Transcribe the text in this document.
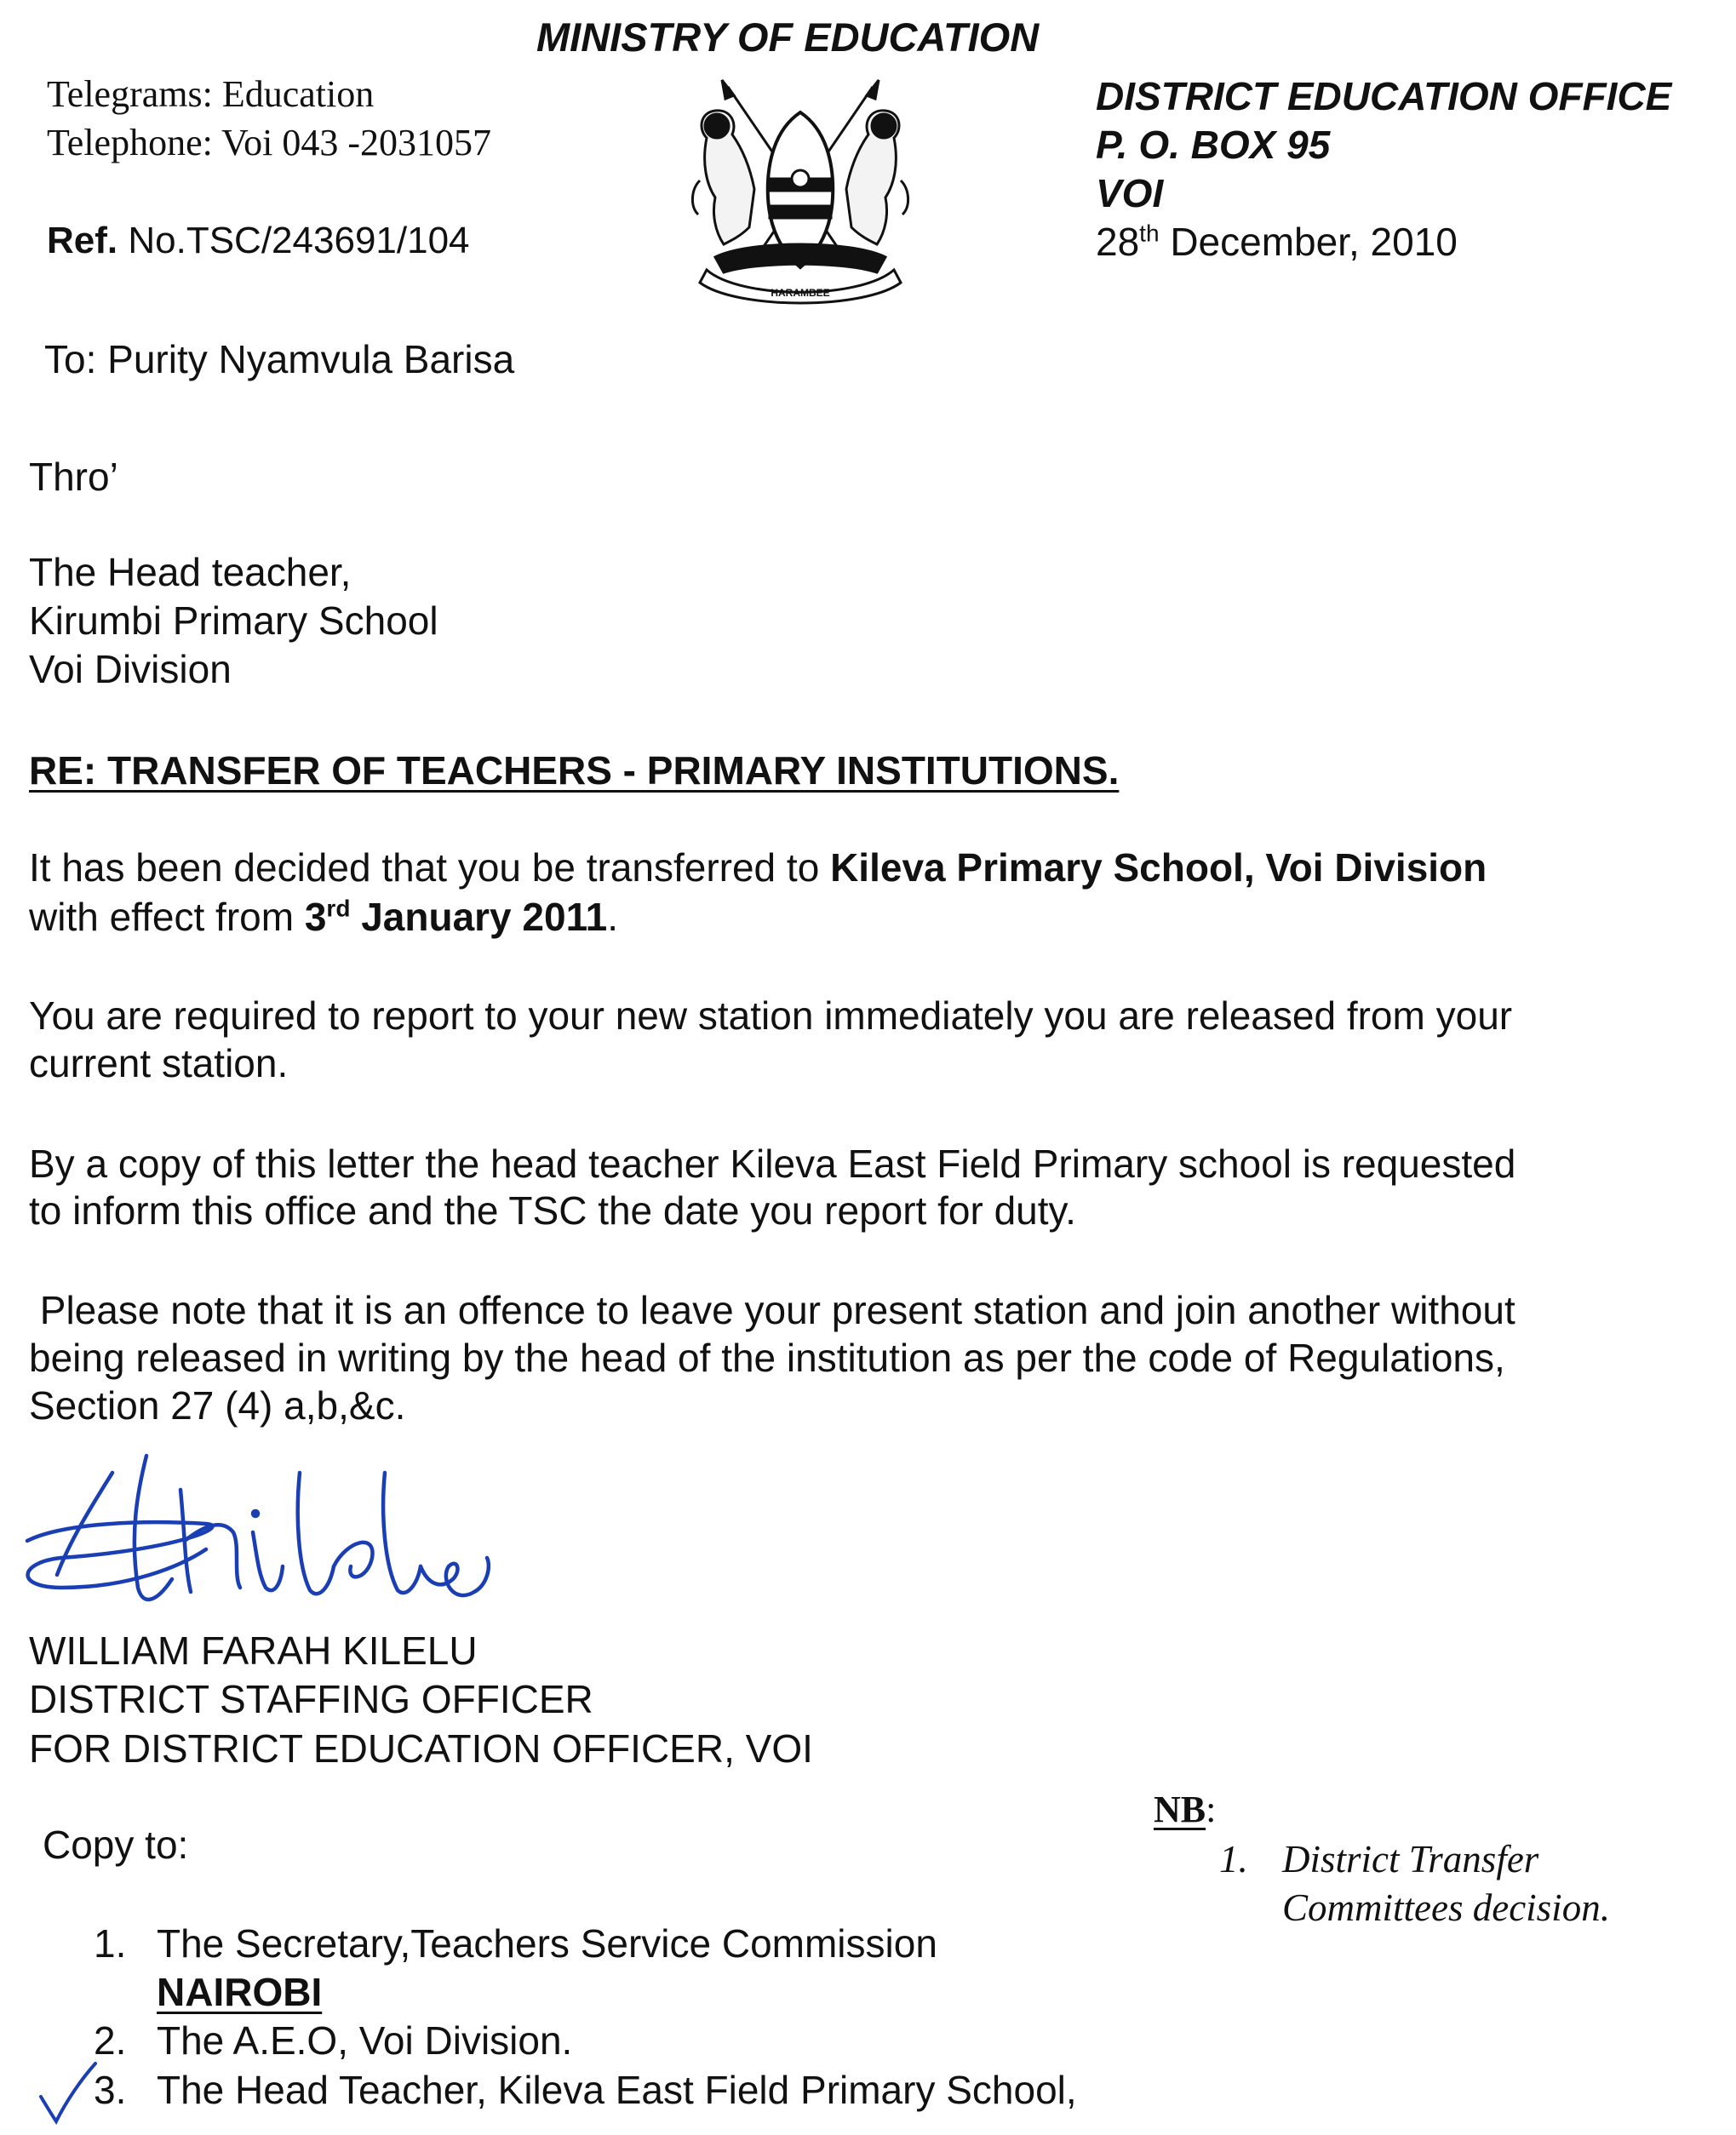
MINISTRY OF EDUCATION
Telegrams: Education
Telephone: Voi 043 -2031057
Ref. No.TSC/243691/104
HARAMBEE
DISTRICT EDUCATION OFFICE
P. O. BOX 95
VOI
28th December, 2010
To: Purity Nyamvula Barisa
Thro’
The Head teacher,
Kirumbi Primary School
Voi Division
RE: TRANSFER OF TEACHERS - PRIMARY INSTITUTIONS.
It has been decided that you be transferred to Kileva Primary School, Voi Division
with effect from 3rd January 2011.
You are required to report to your new station immediately you are released from your
current station.
By a copy of this letter the head teacher Kileva East Field Primary school is requested
to inform this office and the TSC the date you report for duty.
Please note that it is an offence to leave your present station and join another without
being released in writing by the head of the institution as per the code of Regulations,
Section 27 (4) a,b,&c.
WILLIAM FARAH KILELU
DISTRICT STAFFING OFFICER
FOR DISTRICT EDUCATION OFFICER, VOI
Copy to:
1. The Secretary,Teachers Service Commission
NAIROBI
2. The A.E.O, Voi Division.
3. The Head Teacher, Kileva East Field Primary School,
NB:
1. District Transfer
Committees decision.
